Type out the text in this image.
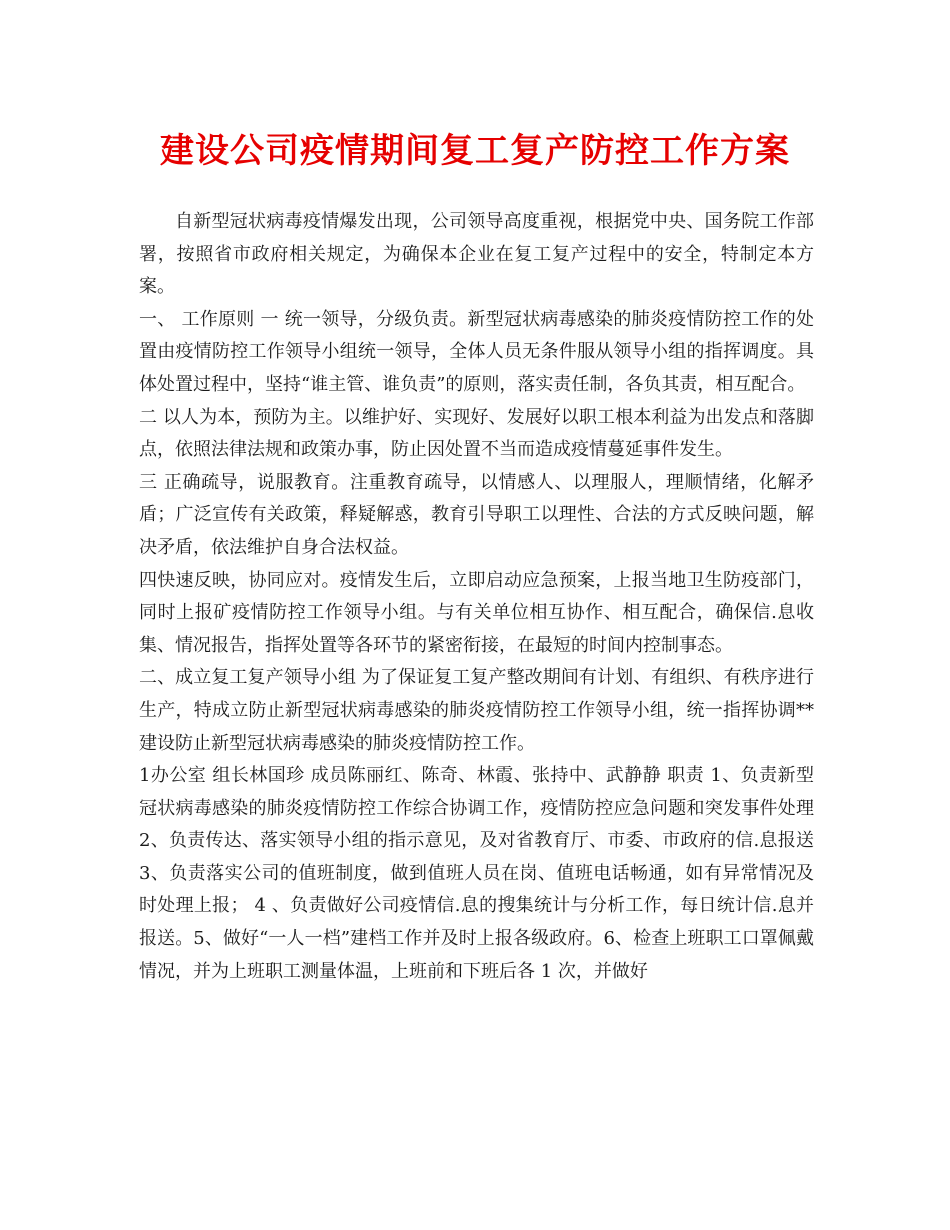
建设公司疫情期间复工复产防控工作方案

自新型冠状病毒疫情爆发出现，公司领导高度重视，根据党中央、国务院工作部署，按照省市政府相关规定，为确保本企业在复工复产过程中的安全，特制定本方案。

一、 工作原则 一 统一领导，分级负责。新型冠状病毒感染的肺炎疫情防控工作的处置由疫情防控工作领导小组统一领导，全体人员无条件服从领导小组的指挥调度。具体处置过程中，坚持“谁主管、谁负责”的原则，落实责任制，各负其责，相互配合。

二 以人为本，预防为主。以维护好、实现好、发展好以职工根本利益为出发点和落脚点，依照法律法规和政策办事，防止因处置不当而造成疫情蔓延事件发生。

三 正确疏导，说服教育。注重教育疏导，以情感人、以理服人，理顺情绪，化解矛盾；广泛宣传有关政策，释疑解惑，教育引导职工以理性、合法的方式反映问题，解决矛盾，依法维护自身合法权益。

四快速反映，协同应对。疫情发生后，立即启动应急预案，上报当地卫生防疫部门，同时上报矿疫情防控工作领导小组。与有关单位相互协作、相互配合，确保信.息收集、情况报告，指挥处置等各环节的紧密衔接，在最短的时间内控制事态。

二、成立复工复产领导小组 为了保证复工复产整改期间有计划、有组织、有秩序进行生产，特成立防止新型冠状病毒感染的肺炎疫情防控工作领导小组，统一指挥协调**建设防止新型冠状病毒感染的肺炎疫情防控工作。

1办公室 组长林国珍 成员陈丽红、陈奇、林霞、张持中、武静静 职责 1、负责新型冠状病毒感染的肺炎疫情防控工作综合协调工作，疫情防控应急问题和突发事件处理 2、负责传达、落实领导小组的指示意见，及对省教育厅、市委、市政府的信.息报送 3、负责落实公司的值班制度，做到值班人员在岗、值班电话畅通，如有异常情况及时处理上报； 4 、负责做好公司疫情信.息的搜集统计与分析工作，每日统计信.息并报送。5、做好“一人一档”建档工作并及时上报各级政府。6、检查上班职工口罩佩戴情况，并为上班职工测量体温，上班前和下班后各 1 次，并做好
